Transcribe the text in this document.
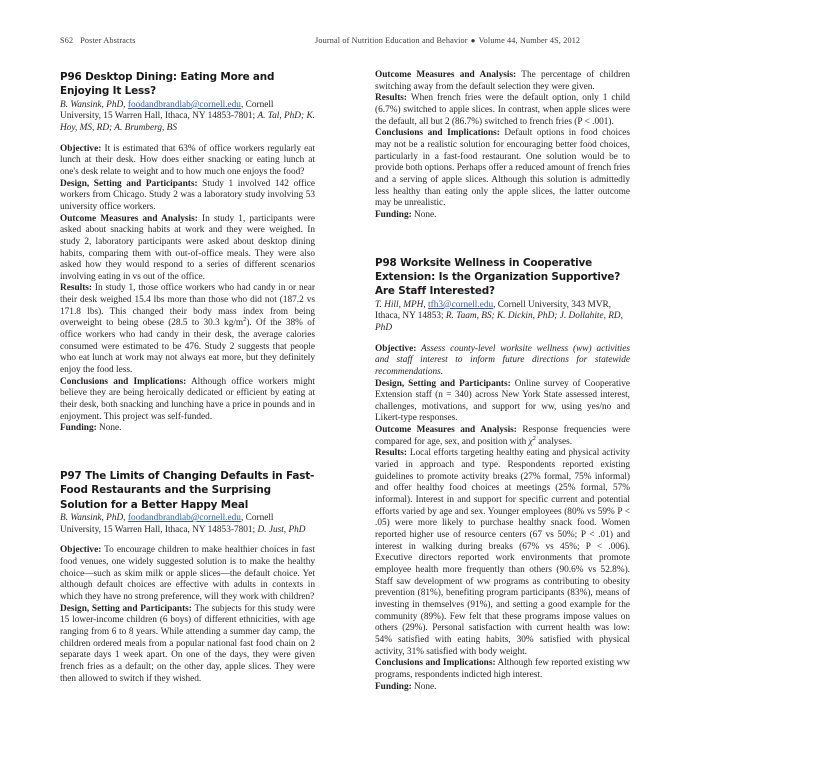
S62 Poster Abstracts	Journal of Nutrition Education and Behavior ● Volume 44, Number 4S, 2012
P96 Desktop Dining: Eating More and Enjoying It Less?

B. Wansink, PhD, foodandbrandlab@cornell.edu, Cornell University, 15 Warren Hall, Ithaca, NY 14853-7801; A. Tal, PhD; K. Hoy, MS, RD; A. Brumberg, BS

Objective: It is estimated that 63% of office workers regularly eat lunch at their desk. How does either snacking or eating lunch at one's desk relate to weight and to how much one enjoys the food?

Design, Setting and Participants: Study 1 involved 142 office workers from Chicago. Study 2 was a laboratory study involving 53 university office workers.

Outcome Measures and Analysis: In study 1, participants were asked about snacking habits at work and they were weighed. In study 2, laboratory participants were asked about desktop dining habits, comparing them with out-of-office meals. They were also asked how they would respond to a series of different scenarios involving eating in vs out of the office.

Results: In study 1, those office workers who had candy in or near their desk weighed 15.4 lbs more than those who did not (187.2 vs 171.8 lbs). This changed their body mass index from being overweight to being obese (28.5 to 30.3 $kg/m^2$). Of the 38% of office workers who had candy in their desk, the average calories consumed were estimated to be 476. Study 2 suggests that people who eat lunch at work may not always eat more, but they definitely enjoy the food less.

Conclusions and Implications: Although office workers might believe they are being heroically dedicated or efficient by eating at their desk, both snacking and lunching have a price in pounds and in enjoyment. This project was self-funded.

Funding: None.

P97 The Limits of Changing Defaults in Fast-Food Restaurants and the Surprising Solution for a Better Happy Meal

B. Wansink, PhD, foodandbrandlab@cornell.edu, Cornell University, 15 Warren Hall, Ithaca, NY 14853-7801; D. Just, PhD

Objective: To encourage children to make healthier choices in fast food venues, one widely suggested solution is to make the healthy choice—such as skim milk or apple slices—the default choice. Yet although default choices are effective with adults in contexts in which they have no strong preference, will they work with children?

Design, Setting and Participants: The subjects for this study were 15 lower-income children (6 boys) of different ethnicities, with age ranging from 6 to 8 years. While attending a summer day camp, the children ordered meals from a popular national fast food chain on 2 separate days 1 week apart. On one of the days, they were given french fries as a default; on the other day, apple slices. They were then allowed to switch if they wished.

Outcome Measures and Analysis: The percentage of children switching away from the default selection they were given.

Results: When french fries were the default option, only 1 child (6.7%) switched to apple slices. In contrast, when apple slices were the default, all but 2 (86.7%) switched to french fries (P < .001).

Conclusions and Implications: Default options in food choices may not be a realistic solution for encouraging better food choices, particularly in a fast-food restaurant. One solution would be to provide both options. Perhaps offer a reduced amount of french fries and a serving of apple slices. Although this solution is admittedly less healthy than eating only the apple slices, the latter outcome may be unrealistic.

Funding: None.

P98 Worksite Wellness in Cooperative Extension: Is the Organization Supportive? Are Staff Interested?

T. Hill, MPH, tfh3@cornell.edu, Cornell University, 343 MVR, Ithaca, NY 14853; R. Taam, BS; K. Dickin, PhD; J. Dollahite, RD, PhD

Objective: Assess county-level worksite wellness (ww) activities and staff interest to inform future directions for statewide recommendations.

Design, Setting and Participants: Online survey of Cooperative Extension staff (n = 340) across New York State assessed interest, challenges, motivations, and support for ww, using yes/no and Likert-type responses.

Outcome Measures and Analysis: Response frequencies were compared for age, sex, and position with $\chi^2$ analyses.

Results: Local efforts targeting healthy eating and physical activity varied in approach and type. Respondents reported existing guidelines to promote activity breaks (27% formal, 75% informal) and offer healthy food choices at meetings (25% formal, 57% informal). Interest in and support for specific current and potential efforts varied by age and sex. Younger employees (80% vs 59% P < .05) were more likely to purchase healthy snack food. Women reported higher use of resource centers (67 vs 50%; P < .01) and interest in walking during breaks (67% vs 45%; P < .006). Executive directors reported work environments that promote employee health more frequently than others (90.6% vs 52.8%). Staff saw development of ww programs as contributing to obesity prevention (81%), benefiting program participants (83%), means of investing in themselves (91%), and setting a good example for the community (89%). Few felt that these programs impose values on others (29%). Personal satisfaction with current health was low: 54% satisfied with eating habits, 30% satisfied with physical activity, 31% satisfied with body weight.

Conclusions and Implications: Although few reported existing ww programs, respondents indicted high interest.

Funding: None.
